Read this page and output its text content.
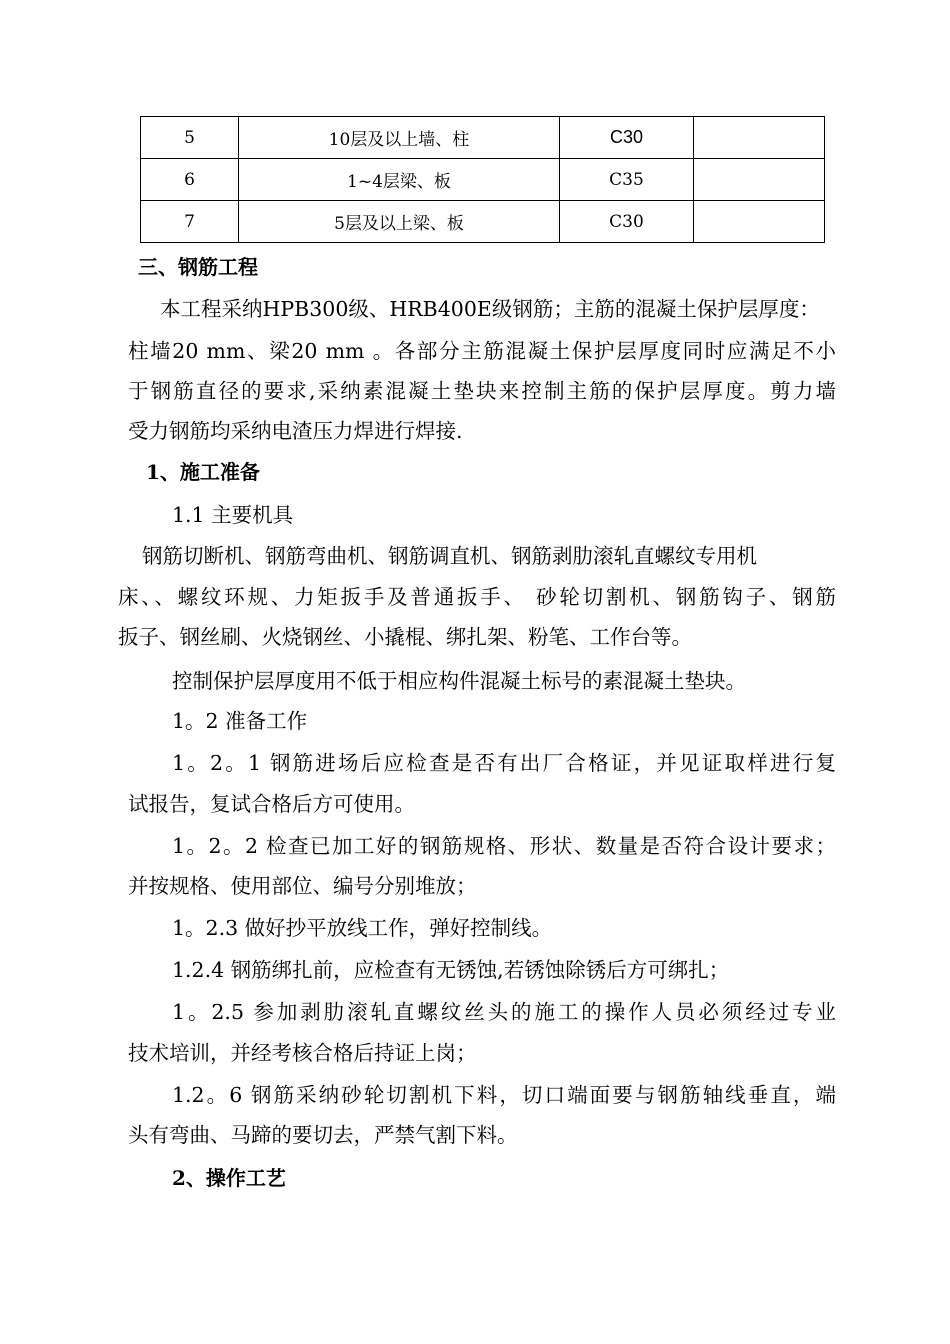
5	10层及以上墙、柱	C30	
6	1~4层梁、板	C35	
7	5层及以上梁、板	C30	
三、钢筋工程
本工程采纳HPB300级、HRB400E级钢筋；主筋的混凝土保护层厚度：
柱墙20 mm、梁20 mm 。各部分主筋混凝土保护层厚度同时应满足不小
于钢筋直径的要求,采纳素混凝土垫块来控制主筋的保护层厚度。剪力墙
受力钢筋均采纳电渣压力焊进行焊接.
1、施工准备
1.1 主要机具
钢筋切断机、钢筋弯曲机、钢筋调直机、钢筋剥肋滚轧直螺纹专用机
床、、螺纹环规、力矩扳手及普通扳手、 砂轮切割机、钢筋钩子、钢筋
扳子、钢丝刷、火烧钢丝、小撬棍、绑扎架、粉笔、工作台等。
控制保护层厚度用不低于相应构件混凝土标号的素混凝土垫块。
1。2 准备工作
1。2。1 钢筋进场后应检查是否有出厂合格证，并见证取样进行复
试报告，复试合格后方可使用。
1。2。2 检查已加工好的钢筋规格、形状、数量是否符合设计要求；
并按规格、使用部位、编号分别堆放；
1。2.3 做好抄平放线工作，弹好控制线。
1.2.4 钢筋绑扎前，应检查有无锈蚀,若锈蚀除锈后方可绑扎；
1。2.5 参加剥肋滚轧直螺纹丝头的施工的操作人员必须经过专业
技术培训，并经考核合格后持证上岗；
1.2。6 钢筋采纳砂轮切割机下料，切口端面要与钢筋轴线垂直，端
头有弯曲、马蹄的要切去，严禁气割下料。
2、操作工艺
